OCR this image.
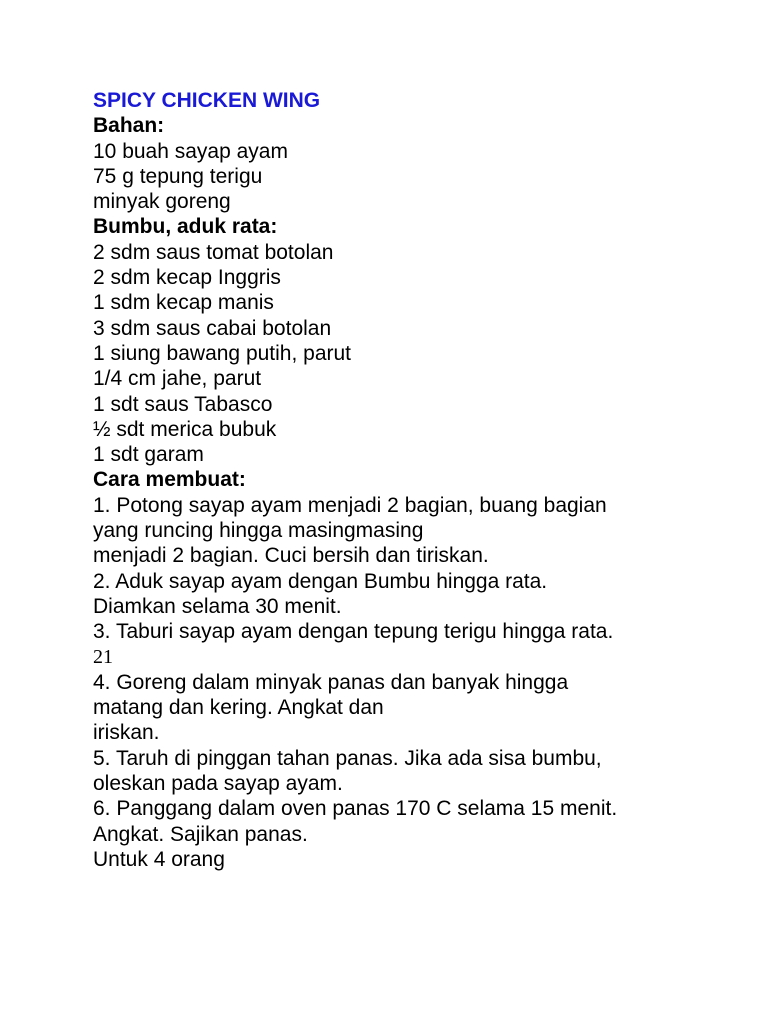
SPICY CHICKEN WING
Bahan:
10 buah sayap ayam
75 g tepung terigu
minyak goreng
Bumbu, aduk rata:
2 sdm saus tomat botolan
2 sdm kecap Inggris
1 sdm kecap manis
3 sdm saus cabai botolan
1 siung bawang putih, parut
1/4 cm jahe, parut
1 sdt saus Tabasco
½ sdt merica bubuk
1 sdt garam
Cara membuat:
1. Potong sayap ayam menjadi 2 bagian, buang bagian
yang runcing hingga masingmasing
menjadi 2 bagian. Cuci bersih dan tiriskan.
2. Aduk sayap ayam dengan Bumbu hingga rata.
Diamkan selama 30 menit.
3. Taburi sayap ayam dengan tepung terigu hingga rata.
21
4. Goreng dalam minyak panas dan banyak hingga
matang dan kering. Angkat dan
iriskan.
5. Taruh di pinggan tahan panas. Jika ada sisa bumbu,
oleskan pada sayap ayam.
6. Panggang dalam oven panas 170 C selama 15 menit.
Angkat. Sajikan panas.
Untuk 4 orang
